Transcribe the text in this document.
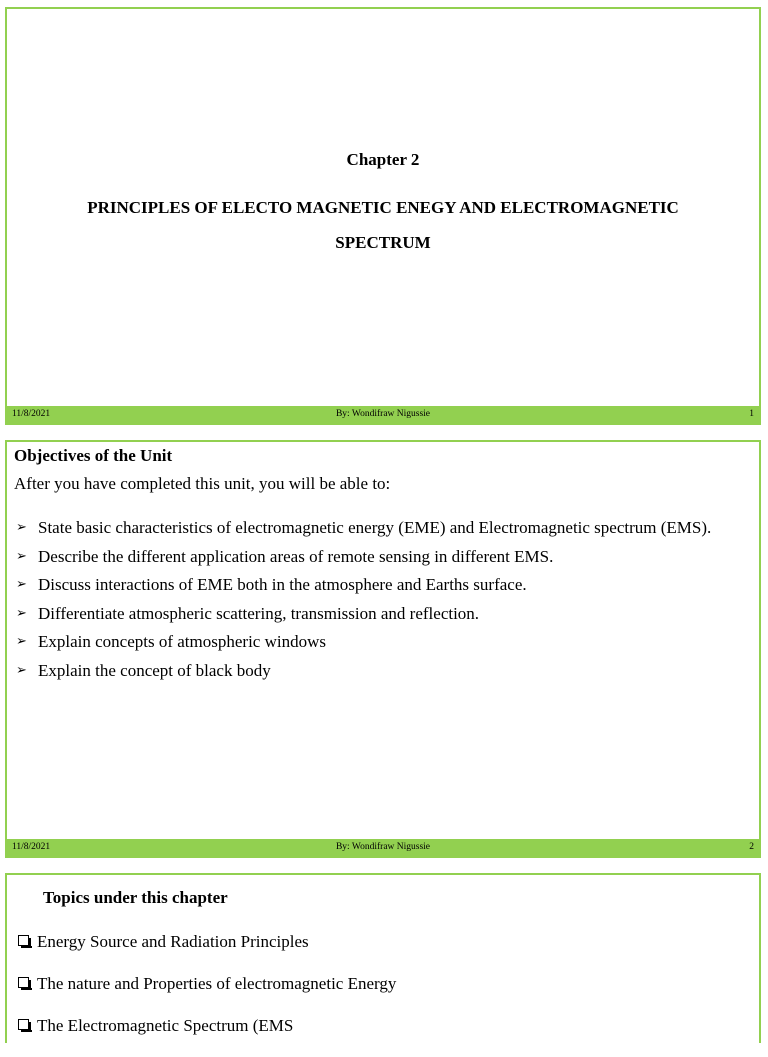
Chapter 2
PRINCIPLES OF ELECTO MAGNETIC ENEGY AND ELECTROMAGNETIC
SPECTRUM
11/8/2021	By: Wondifraw Nigussie	1
Objectives of the Unit
After you have completed this unit, you will be able to:
➢ State basic characteristics of electromagnetic energy (EME) and Electromagnetic spectrum (EMS).
➢ Describe the different application areas of remote sensing in different EMS.
➢ Discuss interactions of EME both in the atmosphere and Earths surface.
➢ Differentiate atmospheric scattering, transmission and reflection.
➢ Explain concepts of atmospheric windows
➢ Explain the concept of black body
11/8/2021	By: Wondifraw Nigussie	2
Topics under this chapter
Energy Source and Radiation Principles
The nature and Properties of electromagnetic Energy
The Electromagnetic Spectrum (EMS
